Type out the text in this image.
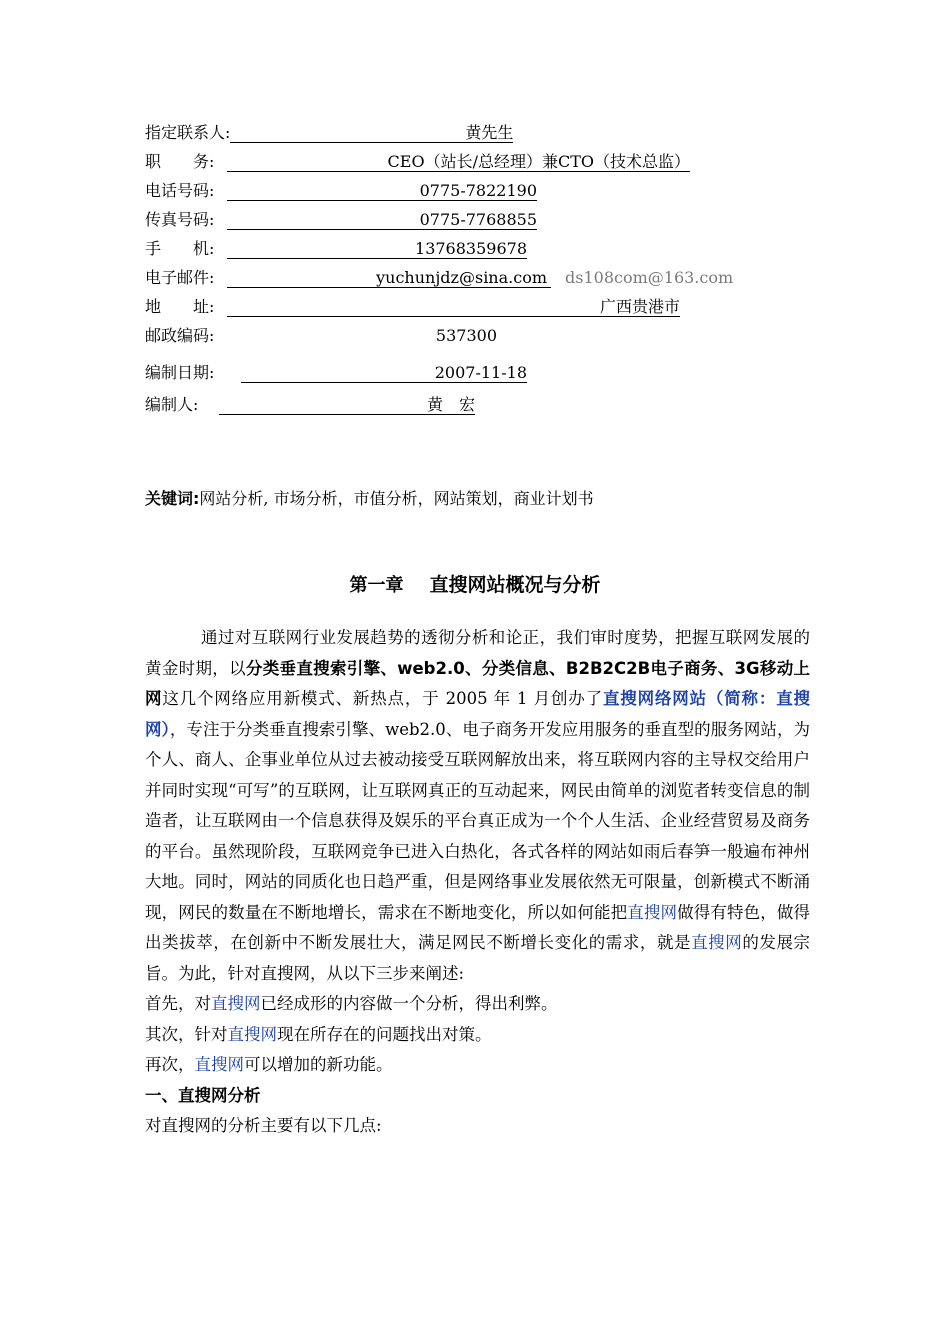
指定联系人:	黄先生
职　　务:	CEO（站长/总经理）兼CTO（技术总监）
电话号码:	0775-7822190
传真号码:	0775-7768855
手　　机:	13768359678
电子邮件:	yuchunjdz@sina.com ds108com@163.com
地　　址:	广西贵港市
邮政编码:	537300
编制日期:	2007-11-18
编制人:	黄　宏
关键词:网站分析, 市场分析，市值分析，网站策划，商业计划书
第一章 直搜网站概况与分析

通过对互联网行业发展趋势的透彻分析和论正，我们审时度势，把握互联网发展的黄金时期，以分类垂直搜索引擎、web2.0、分类信息、B2B2C2B电子商务、3G移动上网这几个网络应用新模式、新热点，于 2005 年 1 月创办了直搜网络网站（简称：直搜网），专注于分类垂直搜索引擎、web2.0、电子商务开发应用服务的垂直型的服务网站，为个人、商人、企事业单位从过去被动接受互联网解放出来，将互联网内容的主导权交给用户并同时实现“可写”的互联网，让互联网真正的互动起来，网民由简单的浏览者转变信息的制造者，让互联网由一个信息获得及娱乐的平台真正成为一个个人生活、企业经营贸易及商务的平台。虽然现阶段，互联网竞争已进入白热化，各式各样的网站如雨后春笋一般遍布神州大地。同时，网站的同质化也日趋严重，但是网络事业发展依然无可限量，创新模式不断涌现，网民的数量在不断地增长，需求在不断地变化，所以如何能把直搜网做得有特色，做得出类拔萃，在创新中不断发展壮大，满足网民不断增长变化的需求，就是直搜网的发展宗旨。为此，针对直搜网，从以下三步来阐述:

首先，对直搜网已经成形的内容做一个分析，得出利弊。

其次，针对直搜网现在所存在的问题找出对策。

再次，直搜网可以增加的新功能。

一、直搜网分析

对直搜网的分析主要有以下几点:
